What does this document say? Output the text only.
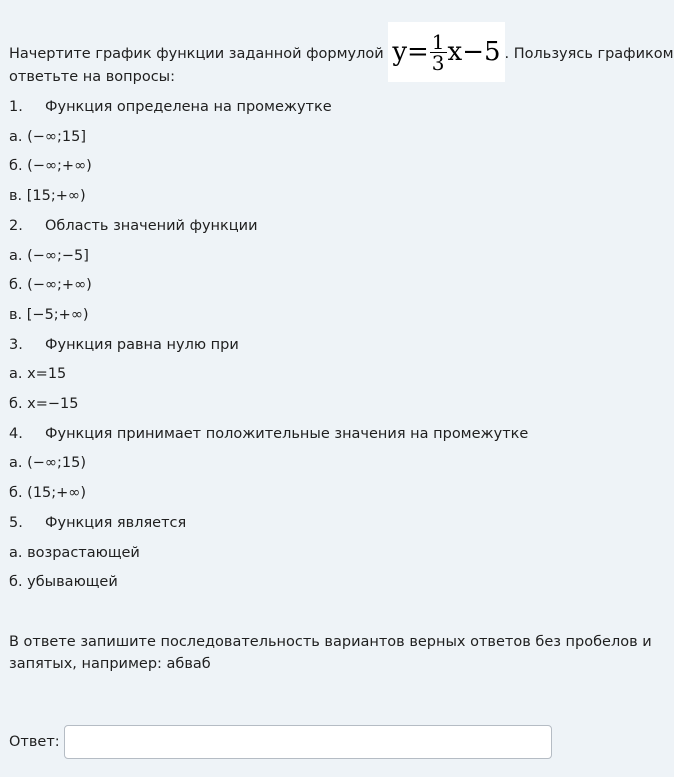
Начертите график функции заданной формулой $y= \frac{1}{3} x-5$ . Пользуясь графиком
ответьте на вопросы:
1. Функция определена на промежутке
а. (−∞;15]
б. (−∞;+∞)
в. [15;+∞)
2. Область значений функции
а. (−∞;−5]
б. (−∞;+∞)
в. [−5;+∞)
3. Функция равна нулю при
а. x=15
б. x=−15
4. Функция принимает положительные значения на промежутке
а. (−∞;15)
б. (15;+∞)
5. Функция является
а. возрастающей
б. убывающей
В ответе запишите последовательность вариантов верных ответов без пробелов и
запятых, например: абваб
Ответ:
